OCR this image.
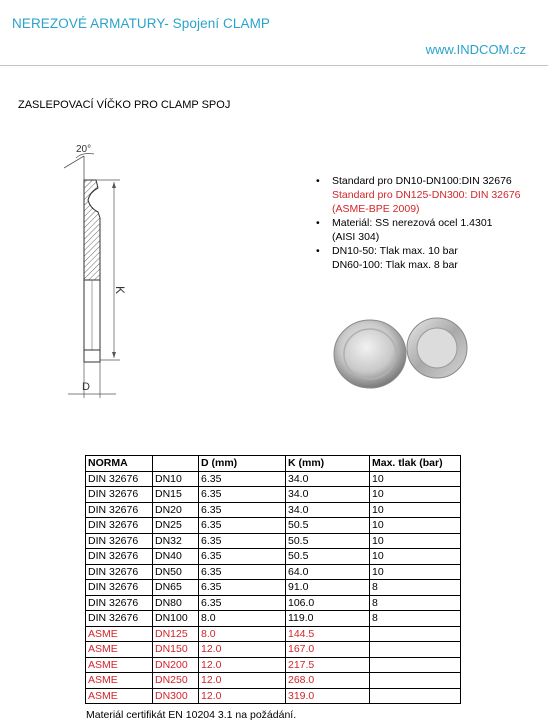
NEREZOVÉ ARMATURY- Spojení CLAMP
www.INDCOM.cz
ZASLEPOVACÍ VÍČKO PRO CLAMP SPOJ
20°
K
D
• Standard pro DN10-DN100:DIN 32676
Standard pro DN125-DN300: DIN 32676
(ASME-BPE 2009)
• Materiál: SS nerezová ocel 1.4301
(AISI 304)
• DN10-50: Tlak max. 10 bar
DN60-100: Tlak max. 8 bar
NORMA		D (mm)	K (mm)	Max. tlak (bar)
DIN 32676	DN10	6.35	34.0	10
DIN 32676	DN15	6.35	34.0	10
DIN 32676	DN20	6.35	34.0	10
DIN 32676	DN25	6.35	50.5	10
DIN 32676	DN32	6.35	50.5	10
DIN 32676	DN40	6.35	50.5	10
DIN 32676	DN50	6.35	64.0	10
DIN 32676	DN65	6.35	91.0	8
DIN 32676	DN80	6.35	106.0	8
DIN 32676	DN100	8.0	119.0	8
ASME	DN125	8.0	144.5	
ASME	DN150	12.0	167.0	
ASME	DN200	12.0	217.5	
ASME	DN250	12.0	268.0	
ASME	DN300	12.0	319.0	
Materiál certifikát EN 10204 3.1 na požádání.
